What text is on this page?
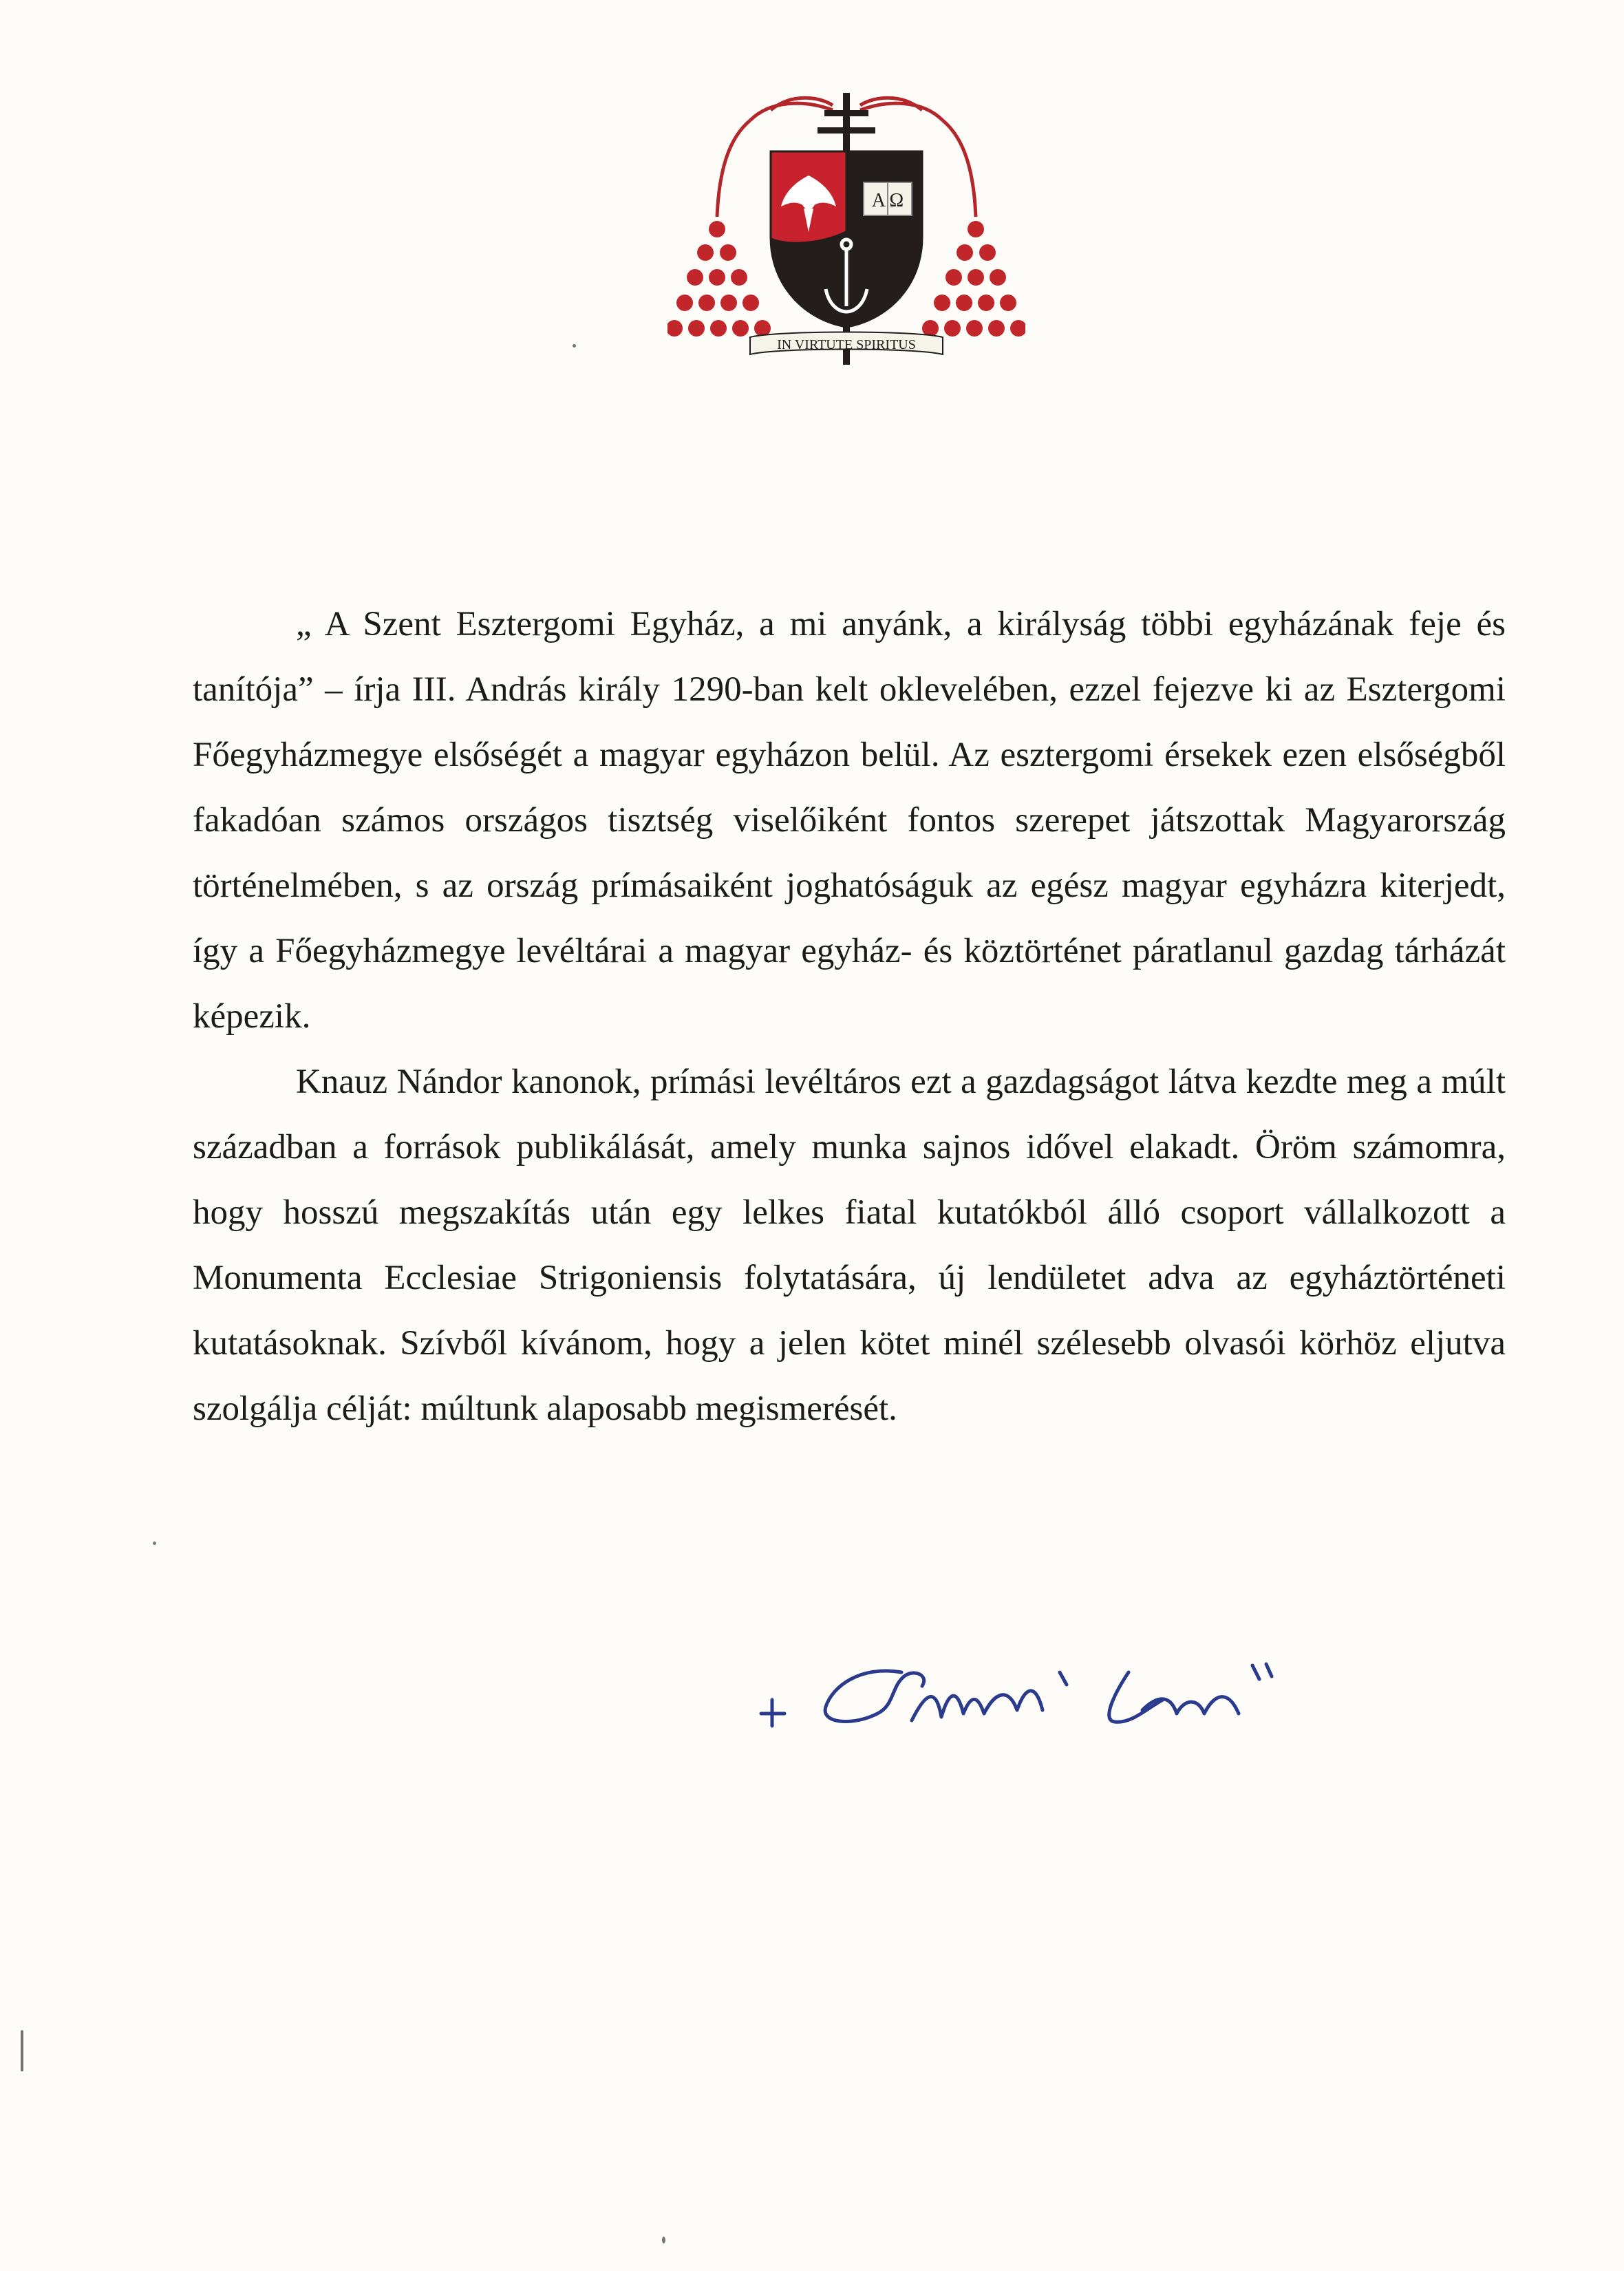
A Ω
IN VIRTUTE SPIRITUS

„ A Szent Esztergomi Egyház, a mi anyánk, a királyság többi egyházának feje és tanítója” – írja III. András király 1290-ban kelt oklevelében, ezzel fejezve ki az Esztergomi Főegyházmegye elsőségét a magyar egyházon belül. Az esztergomi érsekek ezen elsőségből fakadóan számos országos tisztség viselőiként fontos szerepet játszottak Magyarország történelmében, s az ország prímásaiként joghatóságuk az egész magyar egyházra kiterjedt, így a Főegyházmegye levéltárai a magyar egyház- és köztörténet páratlanul gazdag tárházát képezik.

Knauz Nándor kanonok, prímási levéltáros ezt a gazdagságot látva kezdte meg a múlt században a források publikálását, amely munka sajnos idővel elakadt. Öröm számomra, hogy hosszú megszakítás után egy lelkes fiatal kutatókból álló csoport vállalkozott a Monumenta Ecclesiae Strigoniensis folytatására, új lendületet adva az egyháztörténeti kutatásoknak. Szívből kívánom, hogy a jelen kötet minél szélesebb olvasói körhöz eljutva szolgálja célját: múltunk alaposabb megismerését.
